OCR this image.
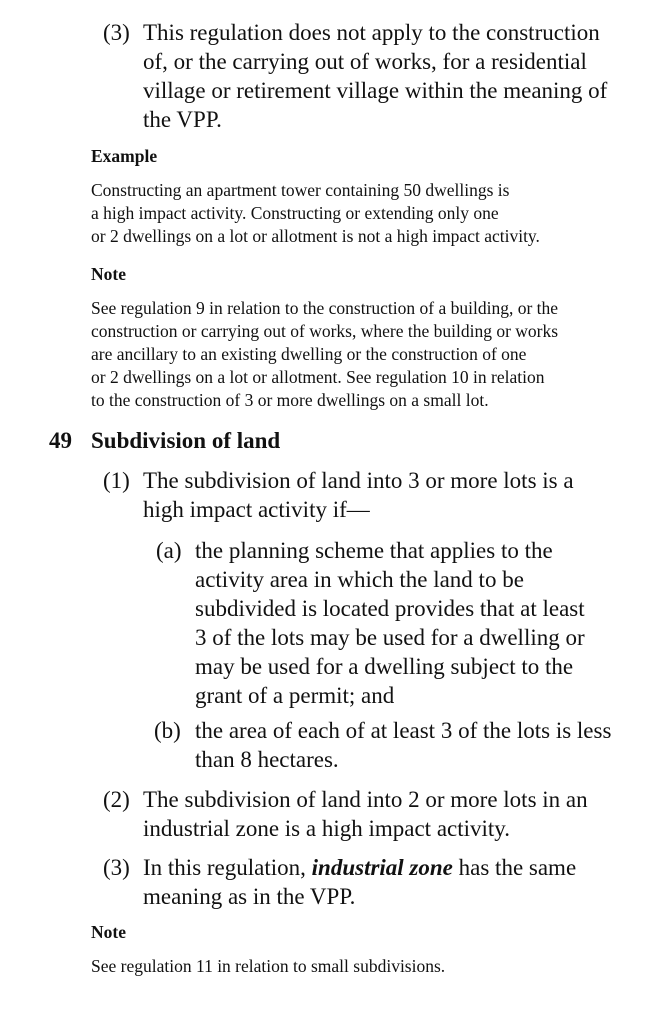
(3) This regulation does not apply to the construction
of, or the carrying out of works, for a residential
village or retirement village within the meaning of
the VPP.
Example
Constructing an apartment tower containing 50 dwellings is
a high impact activity. Constructing or extending only one
or 2 dwellings on a lot or allotment is not a high impact activity.
Note
See regulation 9 in relation to the construction of a building, or the
construction or carrying out of works, where the building or works
are ancillary to an existing dwelling or the construction of one
or 2 dwellings on a lot or allotment. See regulation 10 in relation
to the construction of 3 or more dwellings on a small lot.
49 Subdivision of land
(1) The subdivision of land into 3 or more lots is a
high impact activity if—
(a) the planning scheme that applies to the
activity area in which the land to be
subdivided is located provides that at least
3 of the lots may be used for a dwelling or
may be used for a dwelling subject to the
grant of a permit; and
(b) the area of each of at least 3 of the lots is less
than 8 hectares.
(2) The subdivision of land into 2 or more lots in an
industrial zone is a high impact activity.
(3) In this regulation, industrial zone has the same
meaning as in the VPP.
Note
See regulation 11 in relation to small subdivisions.
